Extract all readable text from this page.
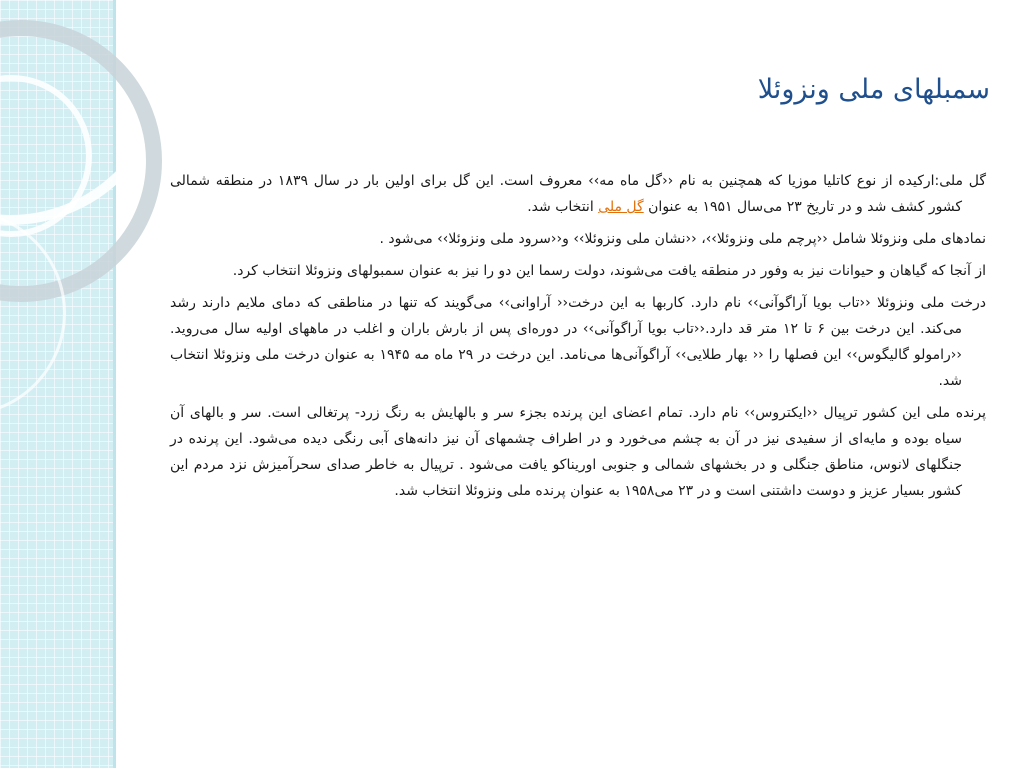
سمبلهای ملی ونزوئلا

گل ملی:ارکیده از نوع کاتلیا موزیا که همچنین به نام ‹‹گل ماه مه›› معروف است. این گل برای اولین بار در سال ۱۸۳۹ در منطقه شمالی کشور کشف شد و در تاریخ ۲۳ می‌سال ۱۹۵۱ به عنوان گل ملی انتخاب شد.

نمادهای ملی ونزوئلا شامل ‹‹پرچم ملی ونزوئلا››، ‹‹نشان ملی ونزوئلا›› و‹‹سرود ملی ونزوئلا›› می‌شود .

از آنجا که گیاهان و حیوانات نیز به وفور در منطقه یافت می‌شوند، دولت رسما این دو را نیز به عنوان سمبولهای ونزوئلا انتخاب کرد.

درخت ملی ونزوئلا ‹‹تاب بویا آراگوآنی›› نام دارد. کاربها به این درخت‹‹ آراوانی›› می‌گویند که تنها در مناطقی که دمای ملایم دارند رشد می‌کند. این درخت بین ۶ تا ۱۲ متر قد دارد.‹‹تاب بویا آراگوآنی›› در دوره‌ای پس از بارش باران و اغلب در ماههای اولیه سال می‌روید. ‹‹رامولو گالیگوس›› این فصلها را ‹‹ بهار طلایی›› آراگوآنی‌ها می‌نامد. این درخت در ۲۹ ماه مه ۱۹۴۵ به عنوان درخت ملی ونزوئلا انتخاب شد.

پرنده ملی این کشور ترپیال ‹‹ایکتروس›› نام دارد. تمام اعضای این پرنده بجزء سر و بالهایش به رنگ زرد- پرتغالی است. سر و بالهای آن سیاه بوده و مایه‌ای از سفیدی نیز در آن به چشم می‌خورد و در اطراف چشمهای آن نیز دانه‌های آبی رنگی دیده می‌شود. این پرنده در جنگلهای لانوس، مناطق جنگلی و در بخشهای شمالی و جنوبی اوریناکو یافت می‌شود . ترپیال به خاطر صدای سحرآمیزش نزد مردم این کشور بسیار عزیز و دوست داشتنی است و در ۲۳ می۱۹۵۸ به عنوان پرنده ملی ونزوئلا انتخاب شد.
